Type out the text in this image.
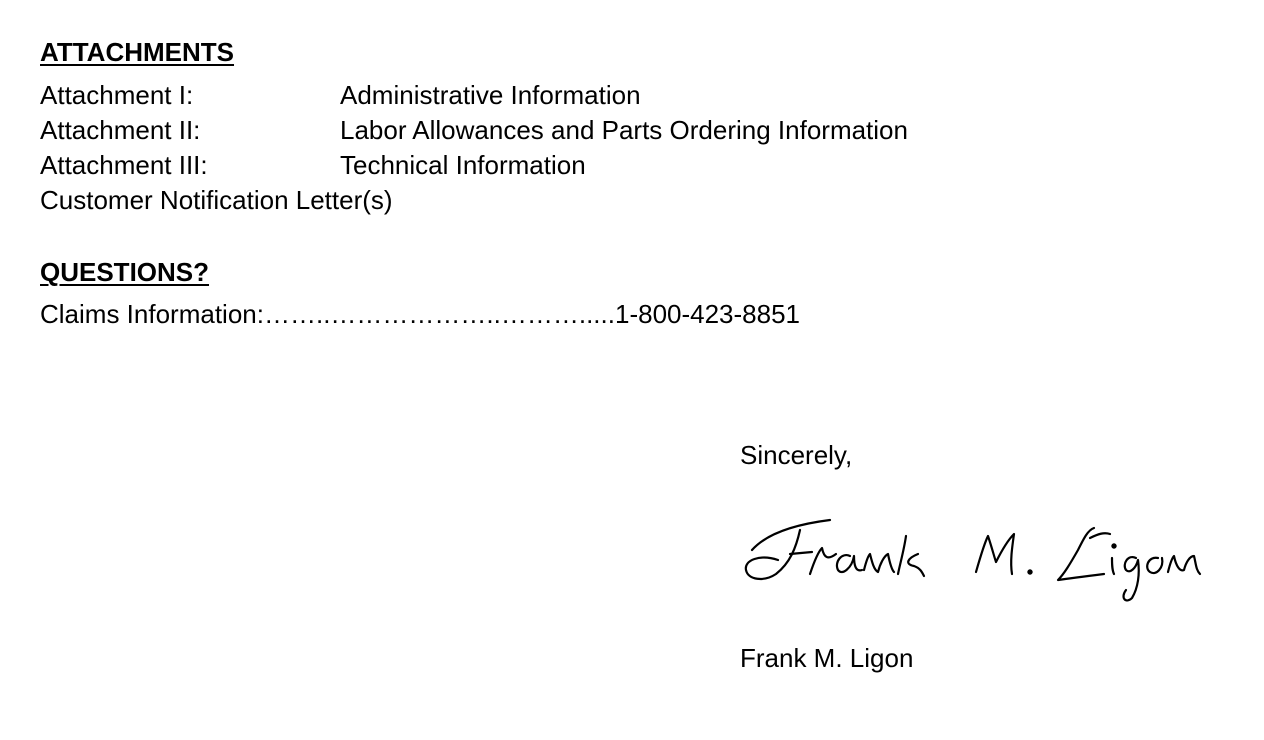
ATTACHMENTS
Attachment I:	Administrative Information
Attachment II:	Labor Allowances and Parts Ordering Information
Attachment III:	Technical Information
Customer Notification Letter(s)
QUESTIONS?
Claims Information:……..………………..……….....1-800-423-8851
Sincerely,
Frank M. Ligon
